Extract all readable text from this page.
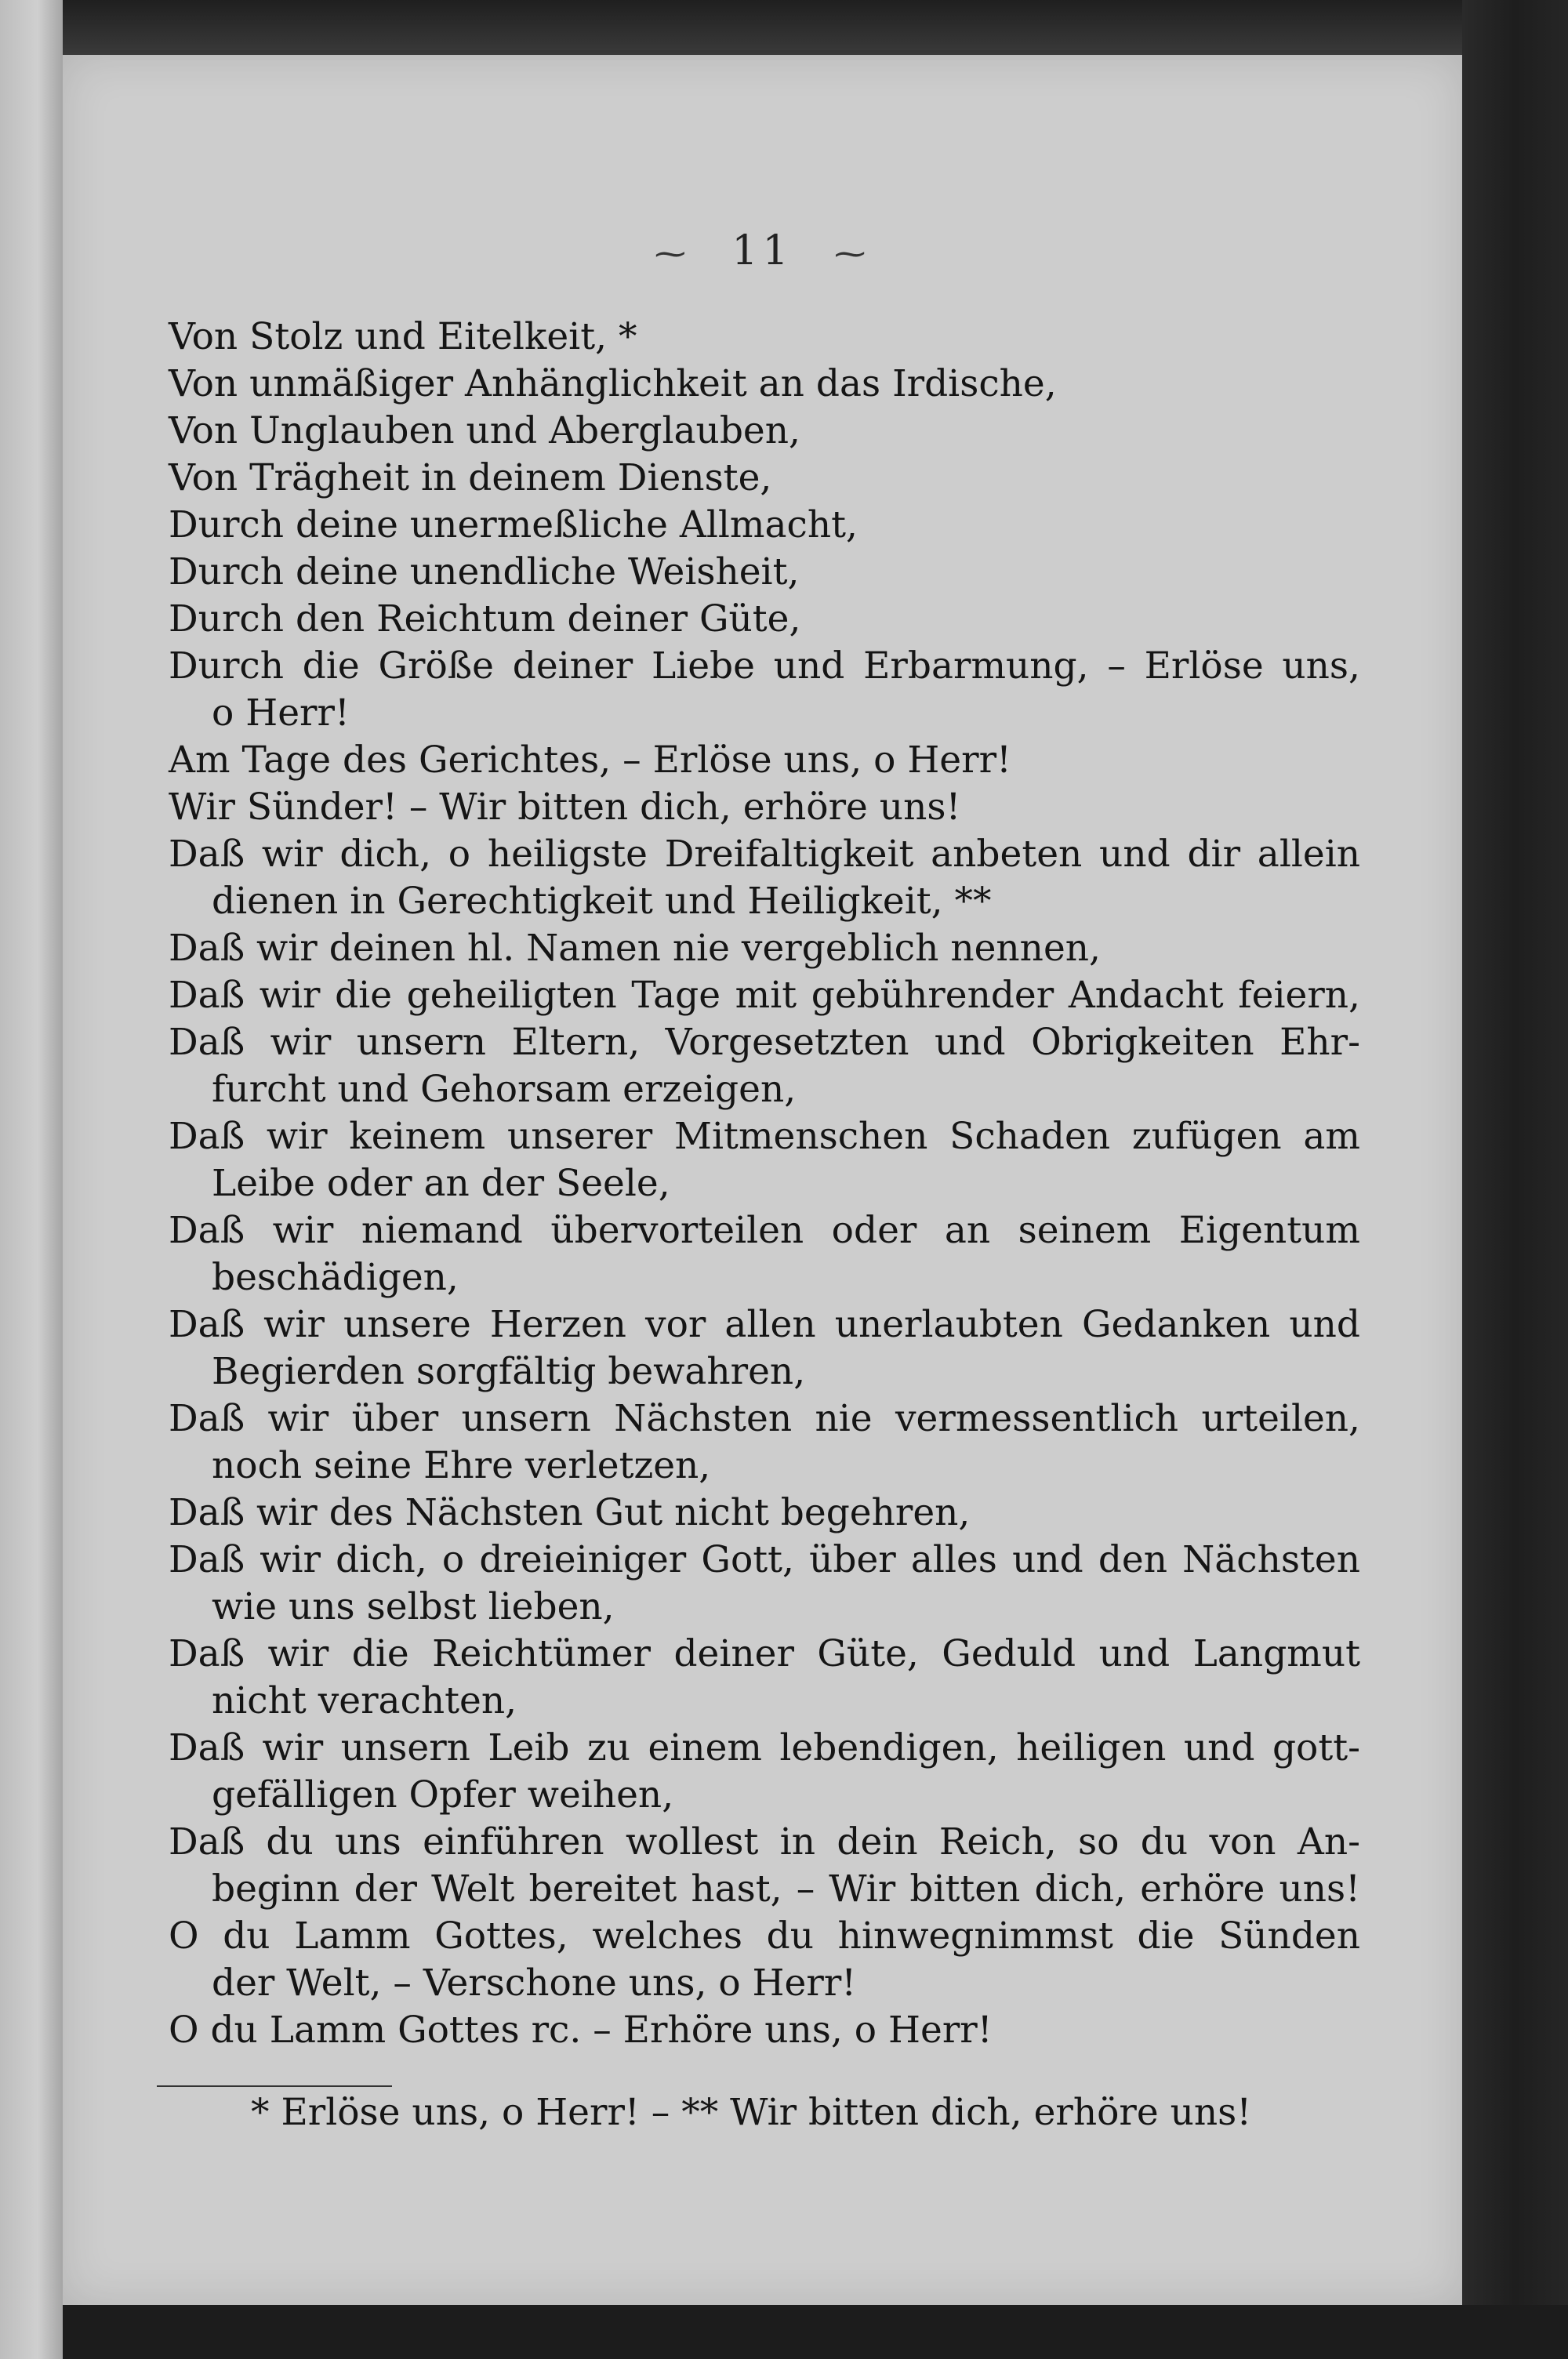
⁓ 11 ⁓
Von Stolz und Eitelkeit, *
Von unmäßiger Anhänglichkeit an das Irdische,
Von Unglauben und Aberglauben,
Von Trägheit in deinem Dienste,
Durch deine unermeßliche Allmacht,
Durch deine unendliche Weisheit,
Durch den Reichtum deiner Güte,
Durch die Größe deiner Liebe und Erbarmung, – Erlöse uns,
o Herr!
Am Tage des Gerichtes, – Erlöse uns, o Herr!
Wir Sünder! – Wir bitten dich, erhöre uns!
Daß wir dich, o heiligste Dreifaltigkeit anbeten und dir allein
dienen in Gerechtigkeit und Heiligkeit, **
Daß wir deinen hl. Namen nie vergeblich nennen,
Daß wir die geheiligten Tage mit gebührender Andacht feiern,
Daß wir unsern Eltern, Vorgesetzten und Obrigkeiten Ehr-
furcht und Gehorsam erzeigen,
Daß wir keinem unserer Mitmenschen Schaden zufügen am
Leibe oder an der Seele,
Daß wir niemand übervorteilen oder an seinem Eigentum
beschädigen,
Daß wir unsere Herzen vor allen unerlaubten Gedanken und
Begierden sorgfältig bewahren,
Daß wir über unsern Nächsten nie vermessentlich urteilen,
noch seine Ehre verletzen,
Daß wir des Nächsten Gut nicht begehren,
Daß wir dich, o dreieiniger Gott, über alles und den Nächsten
wie uns selbst lieben,
Daß wir die Reichtümer deiner Güte, Geduld und Langmut
nicht verachten,
Daß wir unsern Leib zu einem lebendigen, heiligen und gott-
gefälligen Opfer weihen,
Daß du uns einführen wollest in dein Reich, so du von An-
beginn der Welt bereitet hast, – Wir bitten dich, erhöre uns!
O du Lamm Gottes, welches du hinwegnimmst die Sünden
der Welt, – Verschone uns, o Herr!
O du Lamm Gottes rc. – Erhöre uns, o Herr!
* Erlöse uns, o Herr! – ** Wir bitten dich, erhöre uns!
